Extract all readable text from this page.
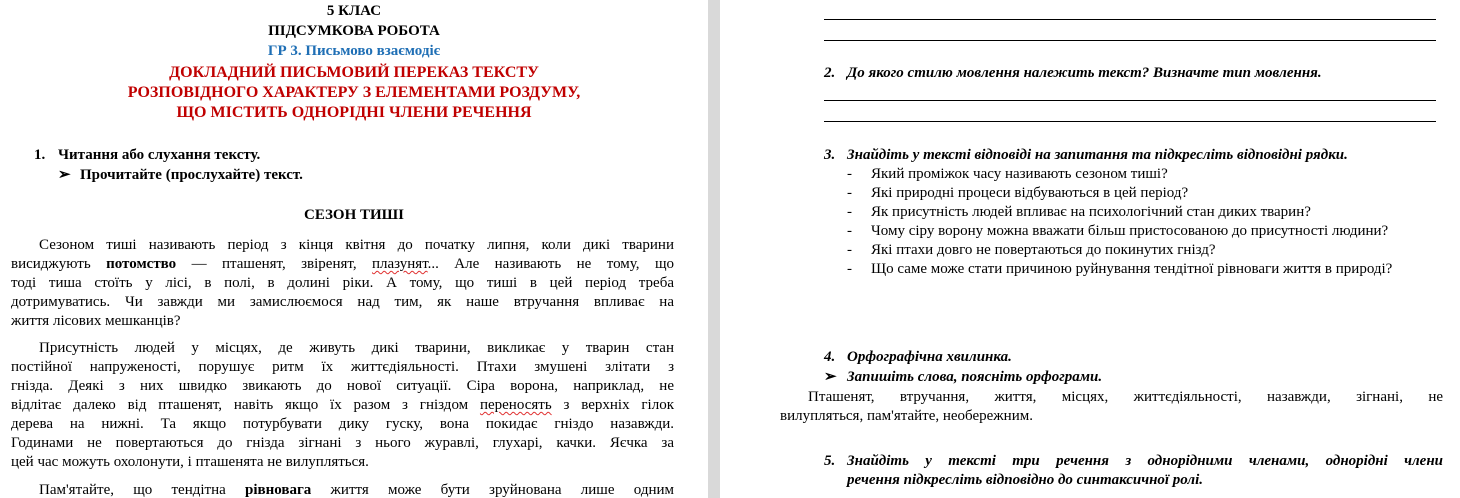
5 КЛАС
ПІДСУМКОВА РОБОТА
ГР 3. Письмово взаємодіє
ДОКЛАДНИЙ ПИСЬМОВИЙ ПЕРЕКАЗ ТЕКСТУ
РОЗПОВІДНОГО ХАРАКТЕРУ З ЕЛЕМЕНТАМИ РОЗДУМУ,
ЩО МІСТИТЬ ОДНОРІДНІ ЧЛЕНИ РЕЧЕННЯ
1. Читання або слухання тексту.
➢ Прочитайте (прослухайте) текст.
СЕЗОН ТИШІ
Сезоном тиші називають період з кінця квітня до початку липня, коли дикі тварини
висиджують потомство — пташенят, звіренят, плазунят... Але називають не тому, що
тоді тиша стоїть у лісі, в полі, в долині ріки. А тому, що тиші в цей період треба
дотримуватись. Чи завжди ми замислюємося над тим, як наше втручання впливає на
життя лісових мешканців?
Присутність людей у місцях, де живуть дикі тварини, викликає у тварин стан
постійної напруженості, порушує ритм їх життєдіяльності. Птахи змушені злітати з
гнізда. Деякі з них швидко звикають до нової ситуації. Сіра ворона, наприклад, не
відлітає далеко від пташенят, навіть якщо їх разом з гніздом переносять з верхніх гілок
дерева на нижні. Та якщо потурбувати дику гуску, вона покидає гніздо назавжди.
Годинами не повертаються до гнізда зігнані з нього журавлі, глухарі, качки. Яєчка за
цей час можуть охолонути, і пташенята не вилупляться.
Пам'ятайте, що тендітна рівновага життя може бути зруйнована лише одним
2. До якого стилю мовлення належить текст? Визначте тип мовлення.
3. Знайдіть у тексті відповіді на запитання та підкресліть відповідні рядки.
- Який проміжок часу називають сезоном тиші?
- Які природні процеси відбуваються в цей період?
- Як присутність людей впливає на психологічний стан диких тварин?
- Чому сіру ворону можна вважати більш пристосованою до присутності людини?
- Які птахи довго не повертаються до покинутих гнізд?
- Що саме може стати причиною руйнування тендітної рівноваги життя в природі?
4. Орфографічна хвилинка.
➢ Запишіть слова, поясніть орфограми.
Пташенят, втручання, життя, місцях, життєдіяльності, назавжди, зігнані, не
вилупляться, пам'ятайте, необережним.
5. Знайдіть у тексті три речення з однорідними членами, однорідні члени
речення підкресліть відповідно до синтаксичної ролі.
